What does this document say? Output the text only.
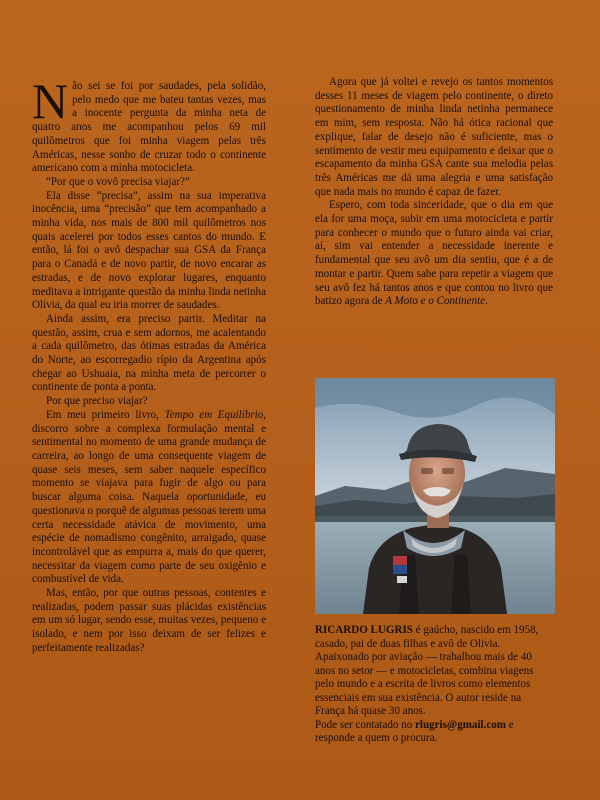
Não sei se foi por saudades, pela solidão, pelo medo que me bateu tantas vezes, mas a inocente pergunta da minha neta de quatro anos me acompanhou pelos 69 mil quilômetros que foi minha viagem pelas três Américas, nesse sonho de cruzar todo o continente americano com a minha motocicleta.

“Por que o vovô precisa viajar?”

Ela disse “precisa”, assim na sua imperativa inocência, uma “precisão” que tem acompanhado a minha vida, nos mais de 800 mil quilômetros nos quais acelerei por todos esses cantos do mundo. E então, lá foi o avô despachar sua GSA da França para o Canadá e de novo partir, de novo encarar as estradas, e de novo explorar lugares, enquanto meditava a intrigante questão da minha linda netinha Olivia, da qual eu iria morrer de saudades.

Ainda assim, era preciso partir. Meditar na questão, assim, crua e sem adornos, me acalentando a cada quilômetro, das ótimas estradas da América do Norte, ao escorregadio rípio da Argentina após chegar ao Ushuaia, na minha meta de percorrer o continente de ponta a ponta.

Por que preciso viajar?

Em meu primeiro livro, Tempo em Equilíbrio, discorro sobre a complexa formulação mental e sentimental no momento de uma grande mudança de carreira, ao longo de uma consequente viagem de quase seis meses, sem saber naquele específico momento se viajava para fugir de algo ou para buscar alguma coisa. Naquela oportunidade, eu questionava o porquê de algumas pessoas terem uma certa necessidade atávica de movimento, uma espécie de nomadismo congênito, arraigado, quase incontrolável que as empurra a, mais do que querer, necessitar da viagem como parte de seu oxigênio e combustível de vida.

Mas, então, por que outras pessoas, contentes e realizadas, podem passar suas plácidas existências em um só lugar, sendo esse, muitas vezes, pequeno e isolado, e nem por isso deixam de ser felizes e perfeitamente realizadas?

Agora que já voltei e revejo os tantos momentos desses 11 meses de viagem pelo continente, o direto questionamento de minha linda netinha permanece em mim, sem resposta. Não há ótica racional que explique, falar de desejo não é suficiente, mas o sentimento de vestir meu equipamento e deixar que o escapamento da minha GSA cante sua melodia pelas três Américas me dá uma alegria e uma satisfação que nada mais no mundo é capaz de fazer.

Espero, com toda sinceridade, que o dia em que ela for uma moça, subir em uma motocicleta e partir para conhecer o mundo que o futuro ainda vai criar, aí, sim vai entender a necessidade inerente e fundamental que seu avô um dia sentiu, que é a de montar e partir. Quem sabe para repetir a viagem que seu avô fez há tantos anos e que contou no livro que batizo agora de A Moto e o Continente.

RICARDO LUGRIS é gaúcho, nascido em 1958, casado, pai de duas filhas e avô de Olivia. Apaixonado por aviação — trabalhou mais de 40 anos no setor — e motocicletas, combina viagens pelo mundo e a escrita de livros como elementos essenciais em sua existência. O autor reside na França há quase 30 anos.

Pode ser contatado no rlugris@gmail.com e responde a quem o procura.
